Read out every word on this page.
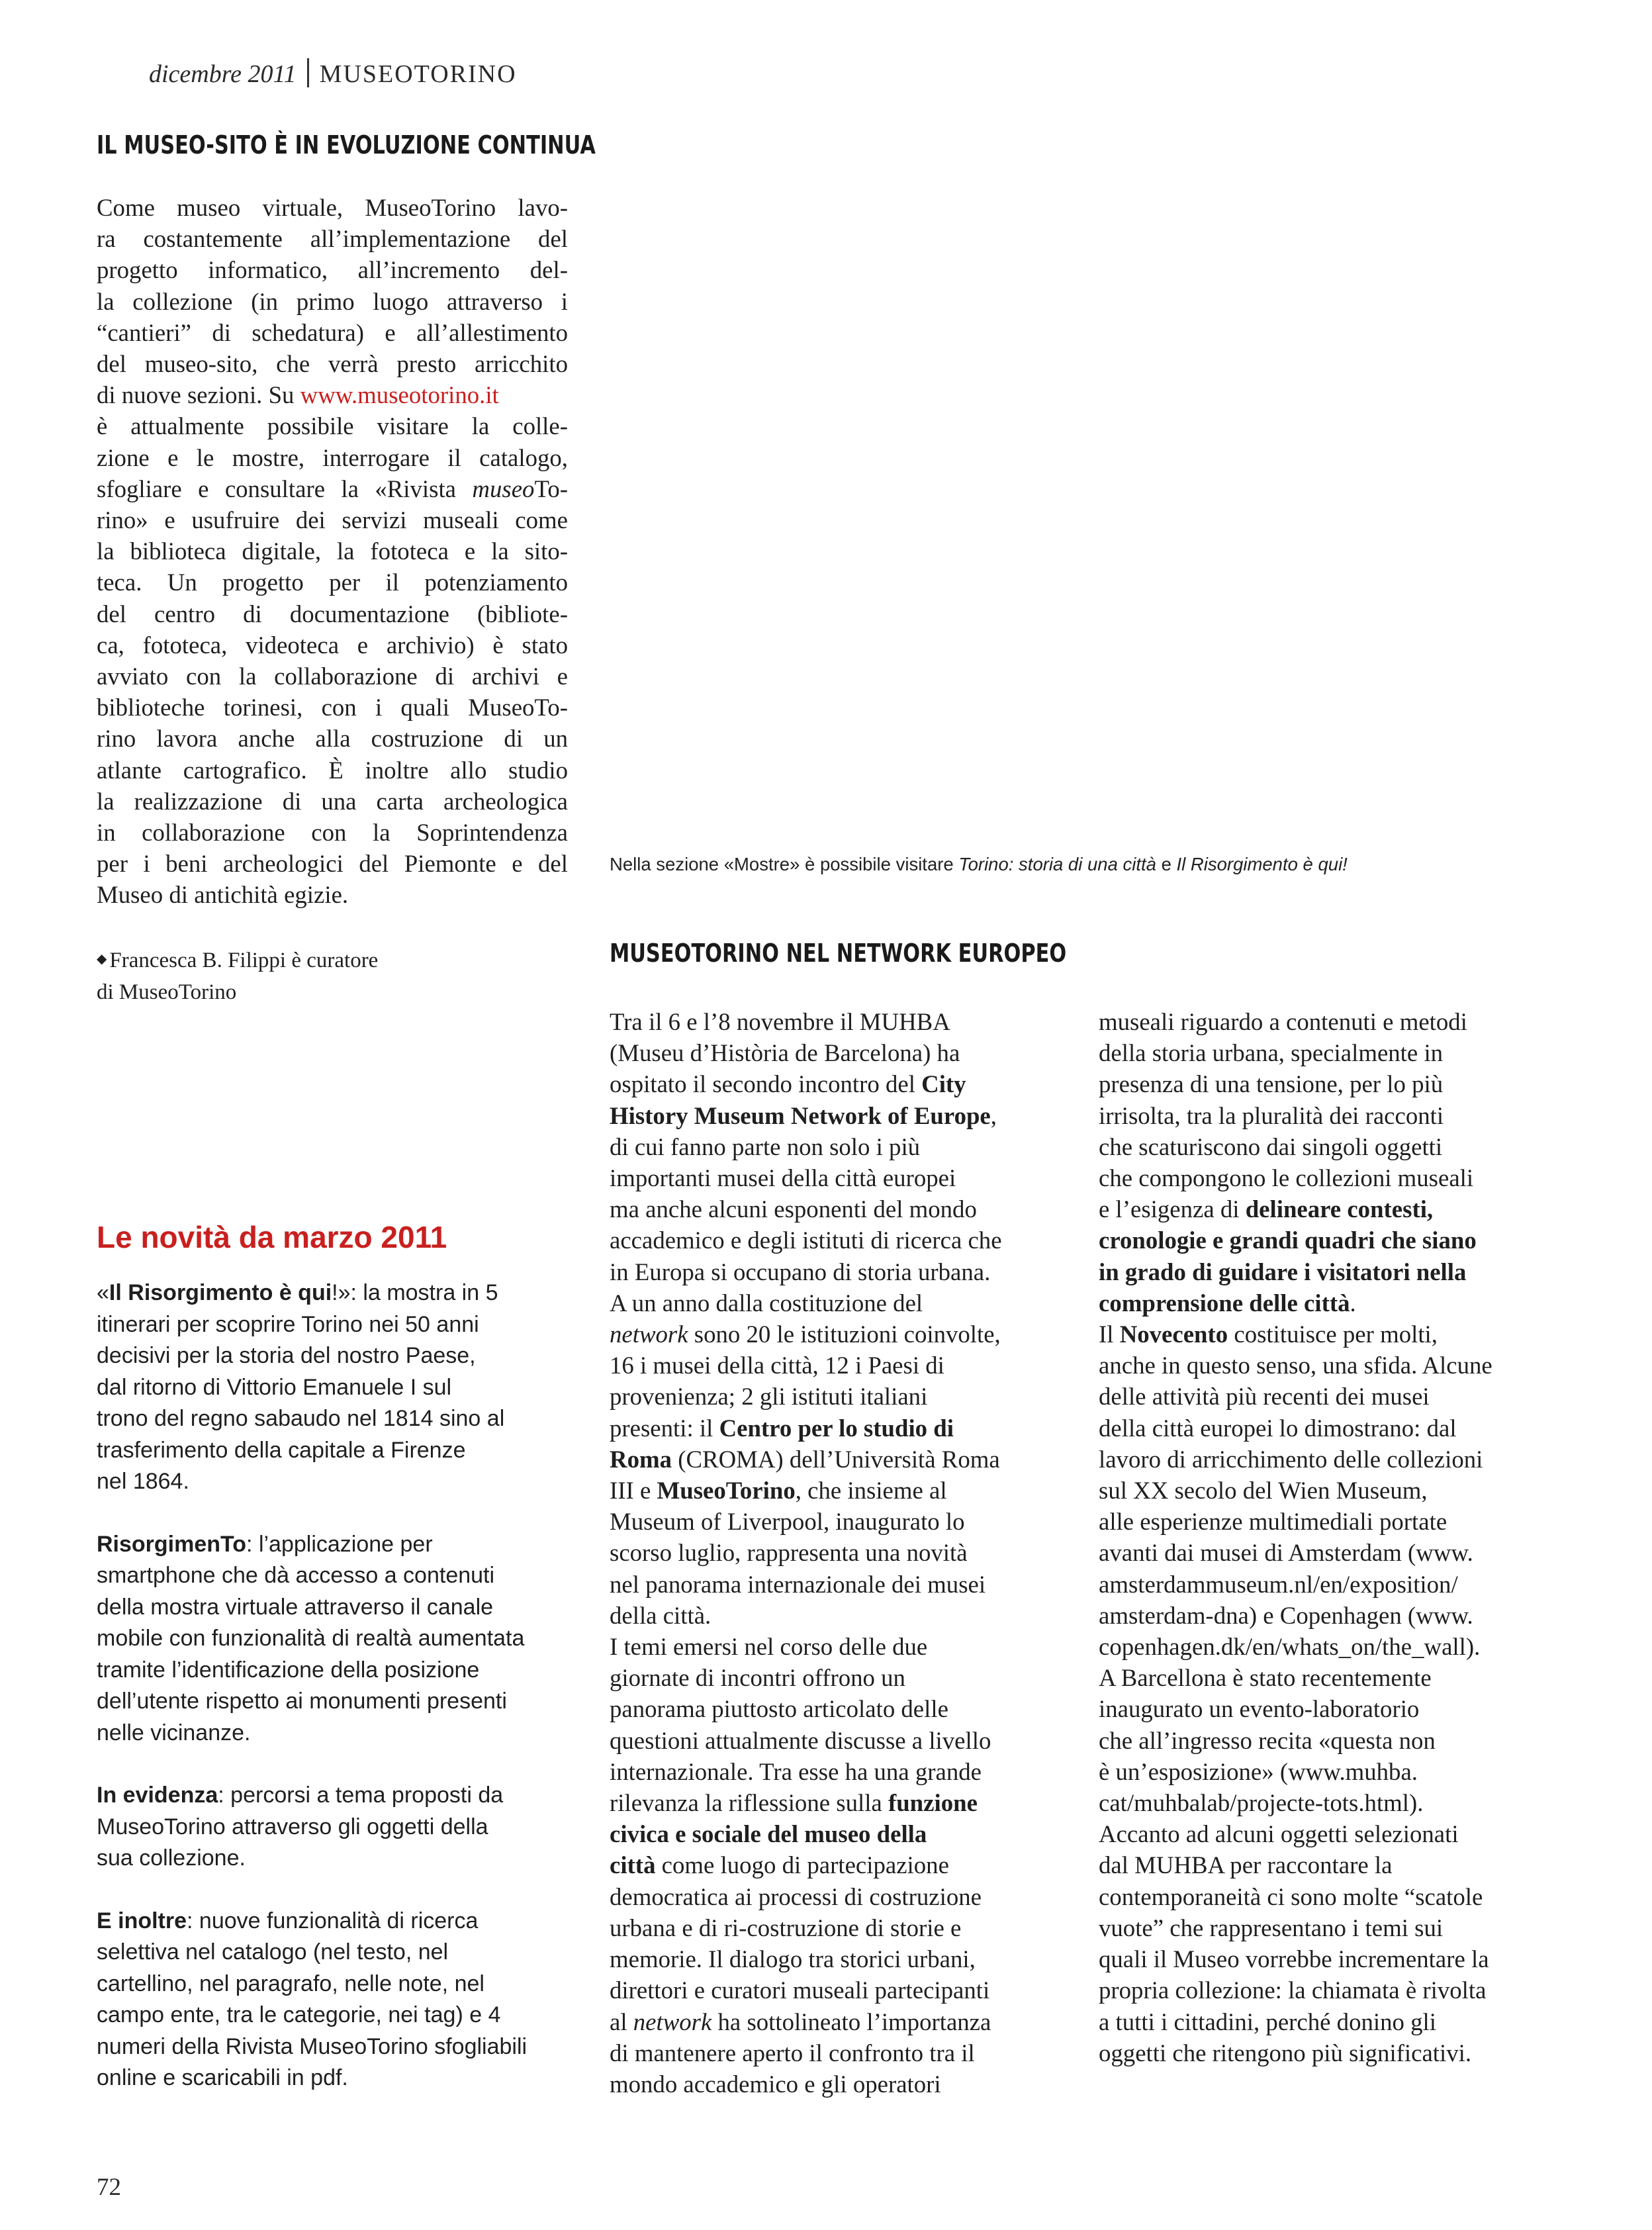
dicembre 2011 MUSEOTORINO
IL MUSEO-SITO È IN EVOLUZIONE CONTINUA
Come museo virtuale, MuseoTorino lavo-
ra costantemente all’implementazione del
progetto informatico, all’incremento del-
la collezione (in primo luogo attraverso i
“cantieri” di schedatura) e all’allestimento
del museo-sito, che verrà presto arricchito
di nuove sezioni. Su www.museotorino.it
è attualmente possibile visitare la colle-
zione e le mostre, interrogare il catalogo,
sfogliare e consultare la «Rivista museoTo-
rino» e usufruire dei servizi museali come
la biblioteca digitale, la fototeca e la sito-
teca. Un progetto per il potenziamento
del centro di documentazione (bibliote-
ca, fototeca, videoteca e archivio) è stato
avviato con la collaborazione di archivi e
biblioteche torinesi, con i quali MuseoTo-
rino lavora anche alla costruzione di un
atlante cartografico. È inoltre allo studio
la realizzazione di una carta archeologica
in collaborazione con la Soprintendenza
per i beni archeologici del Piemonte e del
Museo di antichità egizie.
◆ Francesca B. Filippi è curatore
di MuseoTorino
Nella sezione «Mostre» è possibile visitare Torino: storia di una città e Il Risorgimento è qui!
Le novità da marzo 2011
«Il Risorgimento è qui!»: la mostra in 5
itinerari per scoprire Torino nei 50 anni
decisivi per la storia del nostro Paese,
dal ritorno di Vittorio Emanuele I sul
trono del regno sabaudo nel 1814 sino al
trasferimento della capitale a Firenze
nel 1864.
RisorgimenTo: l’applicazione per
smartphone che dà accesso a contenuti
della mostra virtuale attraverso il canale
mobile con funzionalità di realtà aumentata
tramite l’identificazione della posizione
dell’utente rispetto ai monumenti presenti
nelle vicinanze.
In evidenza: percorsi a tema proposti da
MuseoTorino attraverso gli oggetti della
sua collezione.
E inoltre: nuove funzionalità di ricerca
selettiva nel catalogo (nel testo, nel
cartellino, nel paragrafo, nelle note, nel
campo ente, tra le categorie, nei tag) e 4
numeri della Rivista MuseoTorino sfogliabili
online e scaricabili in pdf.
MUSEOTORINO NEL NETWORK EUROPEO
Tra il 6 e l’8 novembre il MUHBA
(Museu d’Història de Barcelona) ha
ospitato il secondo incontro del City
History Museum Network of Europe,
di cui fanno parte non solo i più
importanti musei della città europei
ma anche alcuni esponenti del mondo
accademico e degli istituti di ricerca che
in Europa si occupano di storia urbana.
A un anno dalla costituzione del
network sono 20 le istituzioni coinvolte,
16 i musei della città, 12 i Paesi di
provenienza; 2 gli istituti italiani
presenti: il Centro per lo studio di
Roma (CROMA) dell’Università Roma
III e MuseoTorino, che insieme al
Museum of Liverpool, inaugurato lo
scorso luglio, rappresenta una novità
nel panorama internazionale dei musei
della città.
I temi emersi nel corso delle due
giornate di incontri offrono un
panorama piuttosto articolato delle
questioni attualmente discusse a livello
internazionale. Tra esse ha una grande
rilevanza la riflessione sulla funzione
civica e sociale del museo della
città come luogo di partecipazione
democratica ai processi di costruzione
urbana e di ri-costruzione di storie e
memorie. Il dialogo tra storici urbani,
direttori e curatori museali partecipanti
al network ha sottolineato l’importanza
di mantenere aperto il confronto tra il
mondo accademico e gli operatori
museali riguardo a contenuti e metodi
della storia urbana, specialmente in
presenza di una tensione, per lo più
irrisolta, tra la pluralità dei racconti
che scaturiscono dai singoli oggetti
che compongono le collezioni museali
e l’esigenza di delineare contesti,
cronologie e grandi quadri che siano
in grado di guidare i visitatori nella
comprensione delle città.
Il Novecento costituisce per molti,
anche in questo senso, una sfida. Alcune
delle attività più recenti dei musei
della città europei lo dimostrano: dal
lavoro di arricchimento delle collezioni
sul XX secolo del Wien Museum,
alle esperienze multimediali portate
avanti dai musei di Amsterdam (www.
amsterdammuseum.nl/en/exposition/
amsterdam-dna) e Copenhagen (www.
copenhagen.dk/en/whats_on/the_wall).
A Barcellona è stato recentemente
inaugurato un evento-laboratorio
che all’ingresso recita «questa non
è un’esposizione» (www.muhba.
cat/muhbalab/projecte-tots.html).
Accanto ad alcuni oggetti selezionati
dal MUHBA per raccontare la
contemporaneità ci sono molte “scatole
vuote” che rappresentano i temi sui
quali il Museo vorrebbe incrementare la
propria collezione: la chiamata è rivolta
a tutti i cittadini, perché donino gli
oggetti che ritengono più significativi.
72
